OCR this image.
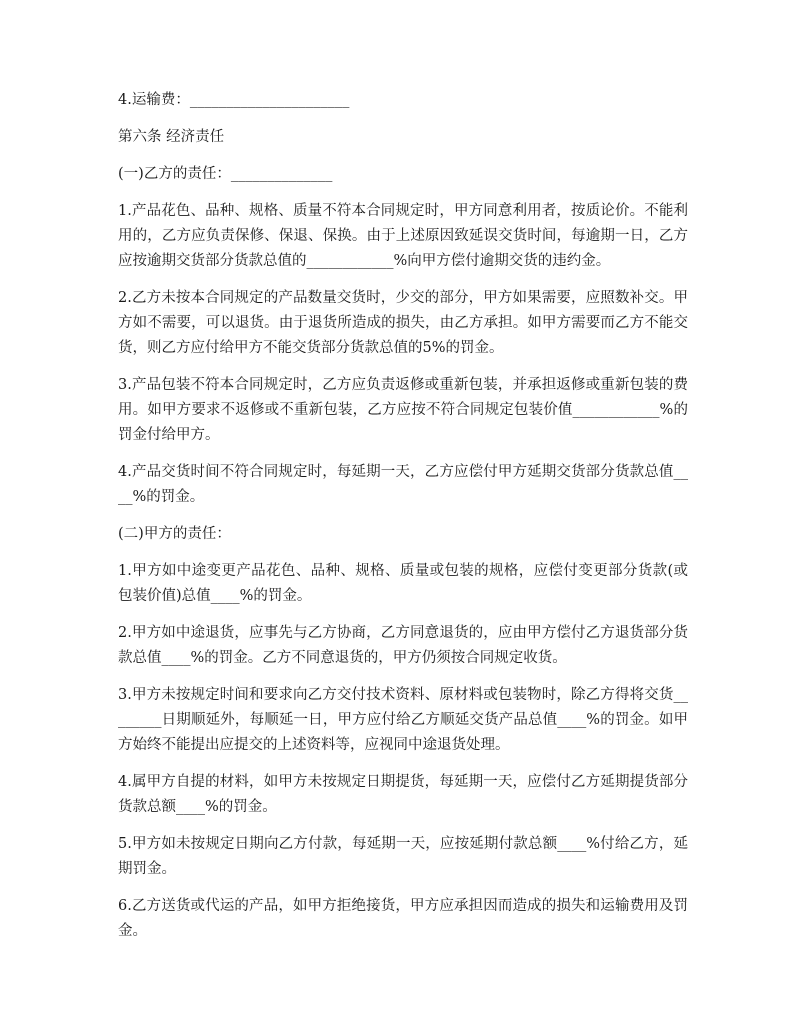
4.运输费：______________________

第六条 经济责任

(一)乙方的责任：______________

1.产品花色、品种、规格、质量不符本合同规定时，甲方同意利用者，按质论价。不能利用的，乙方应负责保修、保退、保换。由于上述原因致延误交货时间，每逾期一日，乙方应按逾期交货部分货款总值的____________%向甲方偿付逾期交货的违约金。

2.乙方未按本合同规定的产品数量交货时，少交的部分，甲方如果需要，应照数补交。甲方如不需要，可以退货。由于退货所造成的损失，由乙方承担。如甲方需要而乙方不能交货，则乙方应付给甲方不能交货部分货款总值的5%的罚金。

3.产品包装不符本合同规定时，乙方应负责返修或重新包装，并承担返修或重新包装的费用。如甲方要求不返修或不重新包装，乙方应按不符合同规定包装价值____________%的罚金付给甲方。

4.产品交货时间不符合同规定时，每延期一天，乙方应偿付甲方延期交货部分货款总值____%的罚金。

(二)甲方的责任：

1.甲方如中途变更产品花色、品种、规格、质量或包装的规格，应偿付变更部分货款(或包装价值)总值____%的罚金。

2.甲方如中途退货，应事先与乙方协商，乙方同意退货的，应由甲方偿付乙方退货部分货款总值____%的罚金。乙方不同意退货的，甲方仍须按合同规定收货。

3.甲方未按规定时间和要求向乙方交付技术资料、原材料或包装物时，除乙方得将交货________日期顺延外，每顺延一日，甲方应付给乙方顺延交货产品总值____%的罚金。如甲方始终不能提出应提交的上述资料等，应视同中途退货处理。

4.属甲方自提的材料，如甲方未按规定日期提货，每延期一天，应偿付乙方延期提货部分货款总额____%的罚金。

5.甲方如未按规定日期向乙方付款，每延期一天，应按延期付款总额____%付给乙方，延期罚金。

6.乙方送货或代运的产品，如甲方拒绝接货，甲方应承担因而造成的损失和运输费用及罚金。
